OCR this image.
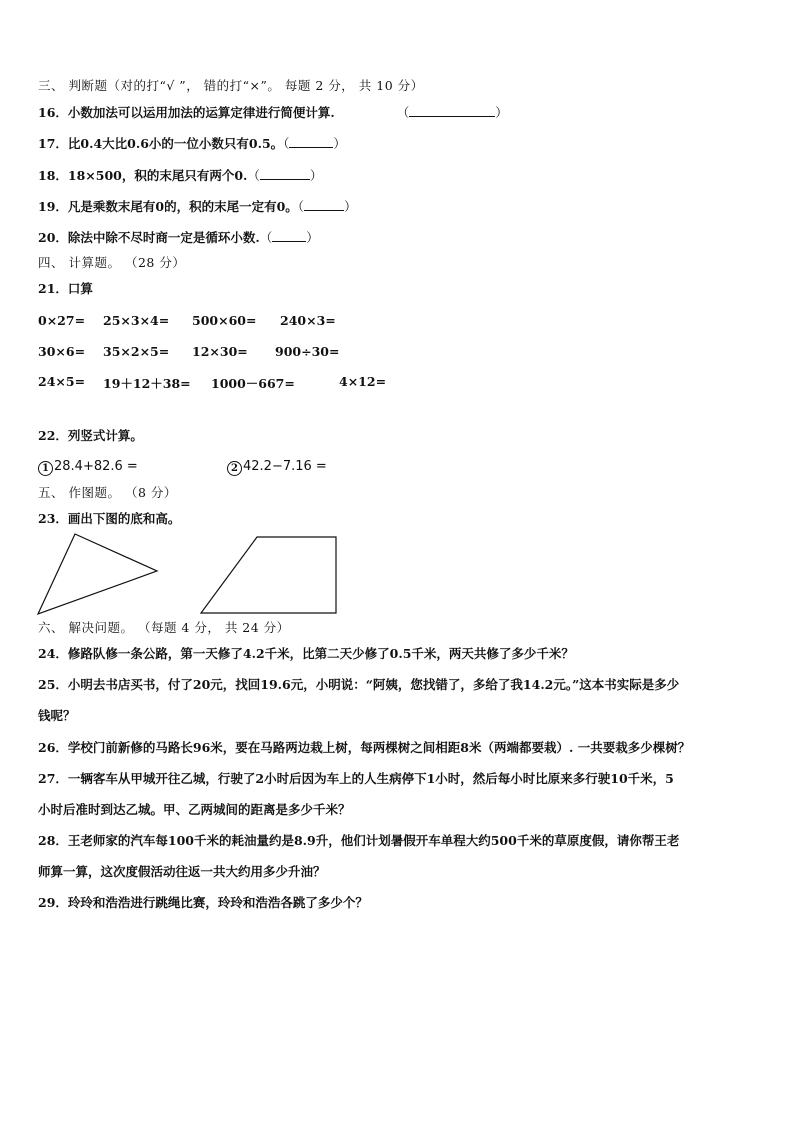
三、 判断题（对的打“√ ”， 错的打“×”。 每题 2 分， 共 10 分）
16．小数加法可以运用加法的运算定律进行简便计算.	（	）
17．比0.4大比0.6小的一位小数只有0.5。（	）
18．18×500，积的末尾只有两个0.（	）
19．凡是乘数末尾有0的，积的末尾一定有0。（	）
20．除法中除不尽时商一定是循环小数.（	）
四、 计算题。 （28 分）
21．口算
0×27= 25×3×4= 500×60= 240×3=
30×6= 35×2×5= 12×30= 900÷30=
24×5= 19＋12＋38= 1000－667=	4×12=
22．列竖式计算。
1 28.4+82.6 =	2 42.2−7.16 =
五、 作图题。 （8 分）
23．画出下图的底和高。
六、 解决问题。 （每题 4 分， 共 24 分）
24．修路队修一条公路，第一天修了4.2千米，比第二天少修了0.5千米，两天共修了多少千米？
25．小明去书店买书，付了20元，找回19.6元，小明说：“阿姨，您找错了，多给了我14.2元。”这本书实际是多少
钱呢？
26．学校门前新修的马路长96米，要在马路两边栽上树，每两棵树之间相距8米（两端都要栽）. 一共要栽多少棵树？
27．一辆客车从甲城开往乙城，行驶了2小时后因为车上的人生病停下1小时，然后每小时比原来多行驶10千米，5
小时后准时到达乙城。甲、乙两城间的距离是多少千米？
28．王老师家的汽车每100千米的耗油量约是8.9升，他们计划暑假开车单程大约500千米的草原度假，请你帮王老
师算一算，这次度假活动往返一共大约用多少升油？
29．玲玲和浩浩进行跳绳比赛，玲玲和浩浩各跳了多少个？
